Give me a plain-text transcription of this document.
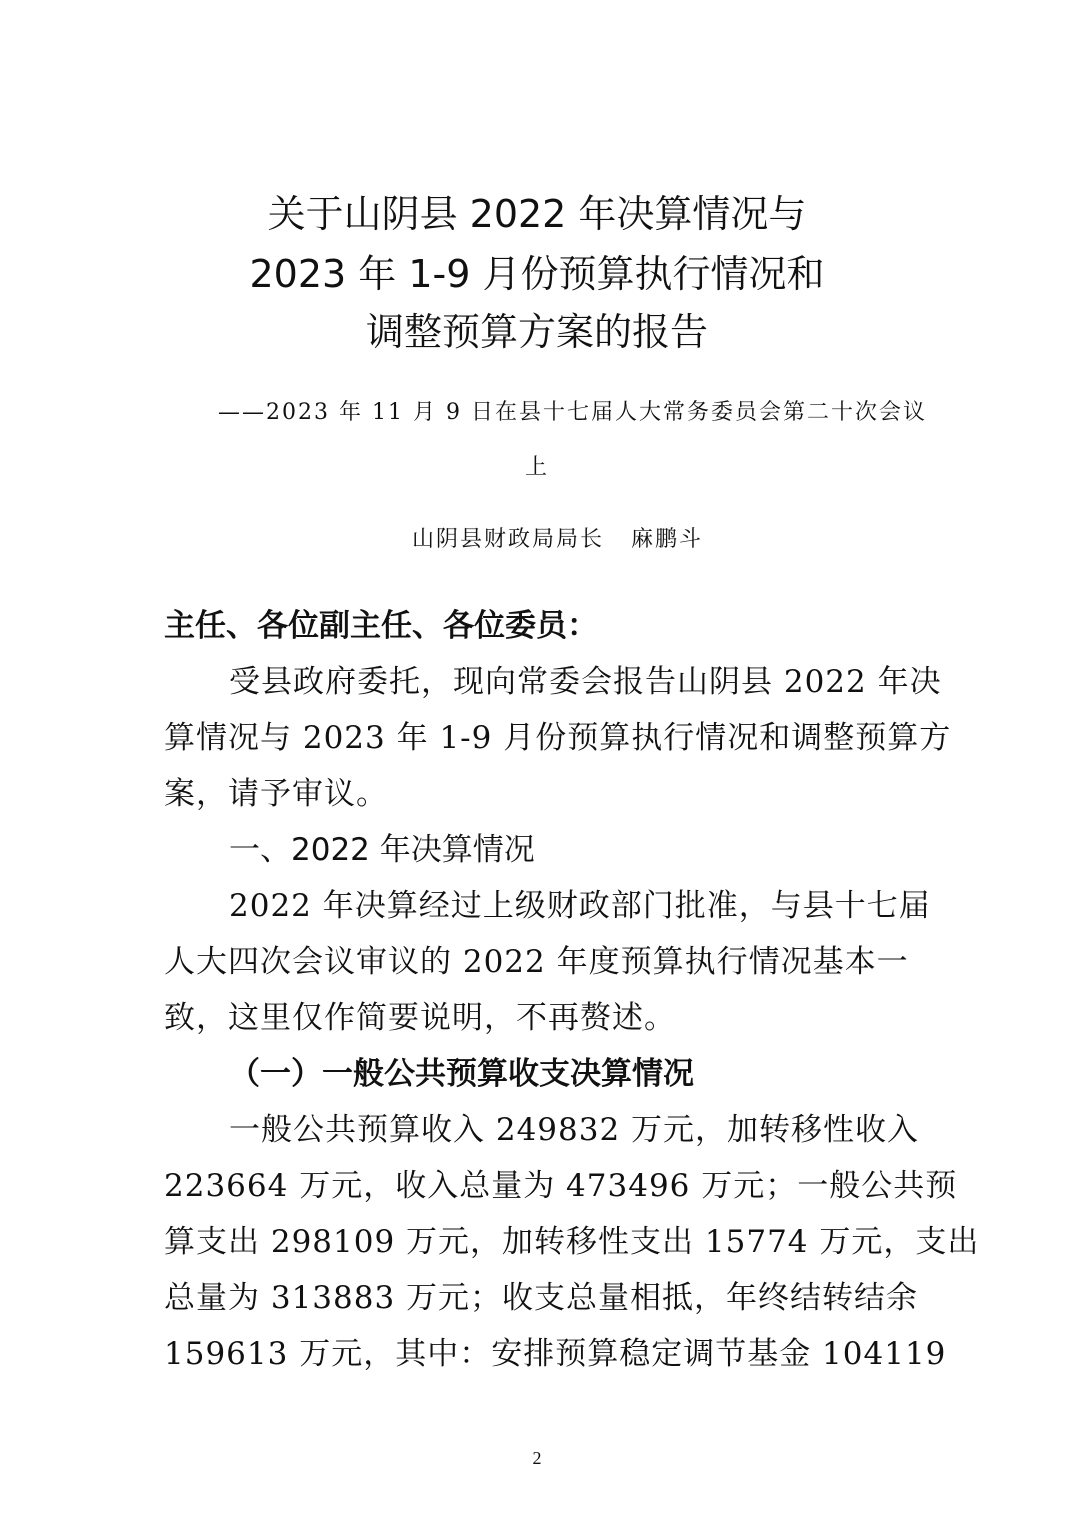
关于山阴县 2022 年决算情况与
2023 年 1-9 月份预算执行情况和
调整预算方案的报告
——2023 年 11 月 9 日在县十七届人大常务委员会第二十次会议
上
山阴县财政局局长   麻鹏斗
主任、各位副主任、各位委员：
受县政府委托，现向常委会报告山阴县 2022 年决
算情况与 2023 年 1-9 月份预算执行情况和调整预算方
案，请予审议。
一、2022 年决算情况
2022 年决算经过上级财政部门批准，与县十七届
人大四次会议审议的 2022 年度预算执行情况基本一
致，这里仅作简要说明，不再赘述。
（一）一般公共预算收支决算情况
一般公共预算收入 249832 万元，加转移性收入
223664 万元，收入总量为 473496 万元；一般公共预
算支出 298109 万元，加转移性支出 15774 万元，支出
总量为 313883 万元；收支总量相抵，年终结转结余
159613 万元，其中：安排预算稳定调节基金 104119
2
